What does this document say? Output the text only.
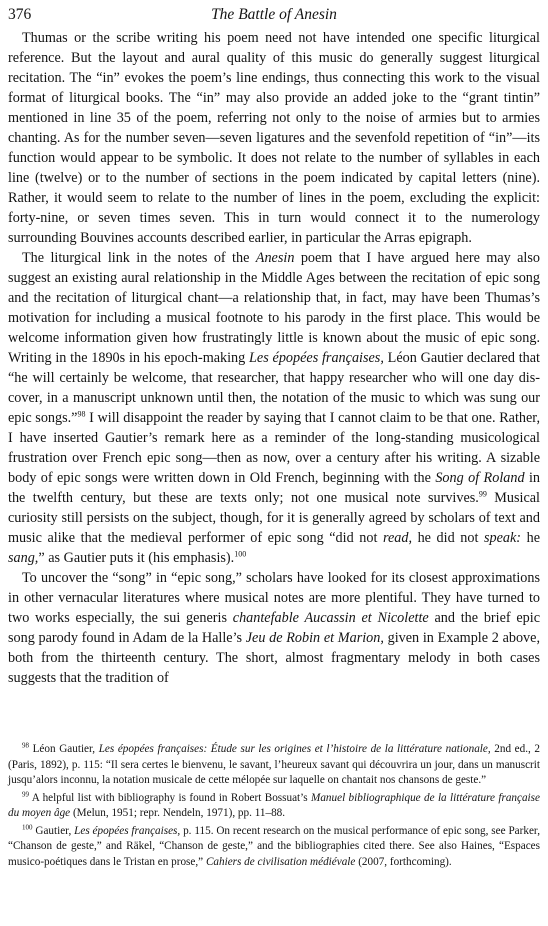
376	The Battle of Anesin

Thumas or the scribe writing his poem need not have intended one specific liturgical reference. But the layout and aural quality of this music do generally suggest liturgical recitation. The “in” evokes the poem’s line endings, thus connecting this work to the visual format of liturgical books. The “in” may also provide an added joke to the “grant tintin” mentioned in line 35 of the poem, referring not only to the noise of armies but to armies chanting. As for the number seven—seven ligatures and the sevenfold repetition of “in”—its function would appear to be symbolic. It does not relate to the number of syllables in each line (twelve) or to the number of sections in the poem indicated by capital letters (nine). Rather, it would seem to relate to the number of lines in the poem, excluding the explicit: forty-nine, or seven times seven. This in turn would connect it to the numerology surrounding Bouvines accounts described earlier, in particular the Arras epigraph.

The liturgical link in the notes of the Anesin poem that I have argued here may also suggest an existing aural relationship in the Middle Ages between the recitation of epic song and the recitation of liturgical chant—a relationship that, in fact, may have been Thumas’s motivation for including a musical footnote to his parody in the first place. This would be welcome information given how frustratingly little is known about the music of epic song. Writing in the 1890s in his epoch-making Les épopées françaises, Léon Gautier declared that “he will certainly be welcome, that researcher, that happy researcher who will one day discover, in a manuscript unknown until then, the notation of the music to which was sung our epic songs.”$^{98}$ I will disappoint the reader by saying that I cannot claim to be that one. Rather, I have inserted Gautier’s remark here as a reminder of the long-standing musicological frustration over French epic song—then as now, over a century after his writing. A sizable body of epic songs were written down in Old French, beginning with the Song of Roland in the twelfth century, but these are texts only; not one musical note survives.$^{99}$ Musical curiosity still persists on the subject, though, for it is generally agreed by scholars of text and music alike that the medieval performer of epic song “did not read, he did not speak: he sang,” as Gautier puts it (his emphasis).$^{100}$

To uncover the “song” in “epic song,” scholars have looked for its closest approximations in other vernacular literatures where musical notes are more plentiful. They have turned to two works especially, the sui generis chantefable Aucassin et Nicolette and the brief epic song parody found in Adam de la Halle’s Jeu de Robin et Marion, given in Example 2 above, both from the thirteenth century. The short, almost fragmentary melody in both cases suggests that the tradition of

$^{98}$ Léon Gautier, Les épopées françaises: Étude sur les origines et l’histoire de la littérature nationale, 2nd ed., 2 (Paris, 1892), p. 115: “Il sera certes le bienvenu, le savant, l’heureux savant qui découvrira un jour, dans un manuscrit jusqu’alors inconnu, la notation musicale de cette mélopée sur laquelle on chantait nos chansons de geste.”

$^{99}$ A helpful list with bibliography is found in Robert Bossuat’s Manuel bibliographique de la littérature française du moyen âge (Melun, 1951; repr. Nendeln, 1971), pp. 11–88.

$^{100}$ Gautier, Les épopées françaises, p. 115. On recent research on the musical performance of epic song, see Parker, “Chanson de geste,” and Räkel, “Chanson de geste,” and the bibliographies cited there. See also Haines, “Espaces musico-poétiques dans le Tristan en prose,” Cahiers de civilisation médiévale (2007, forthcoming).
